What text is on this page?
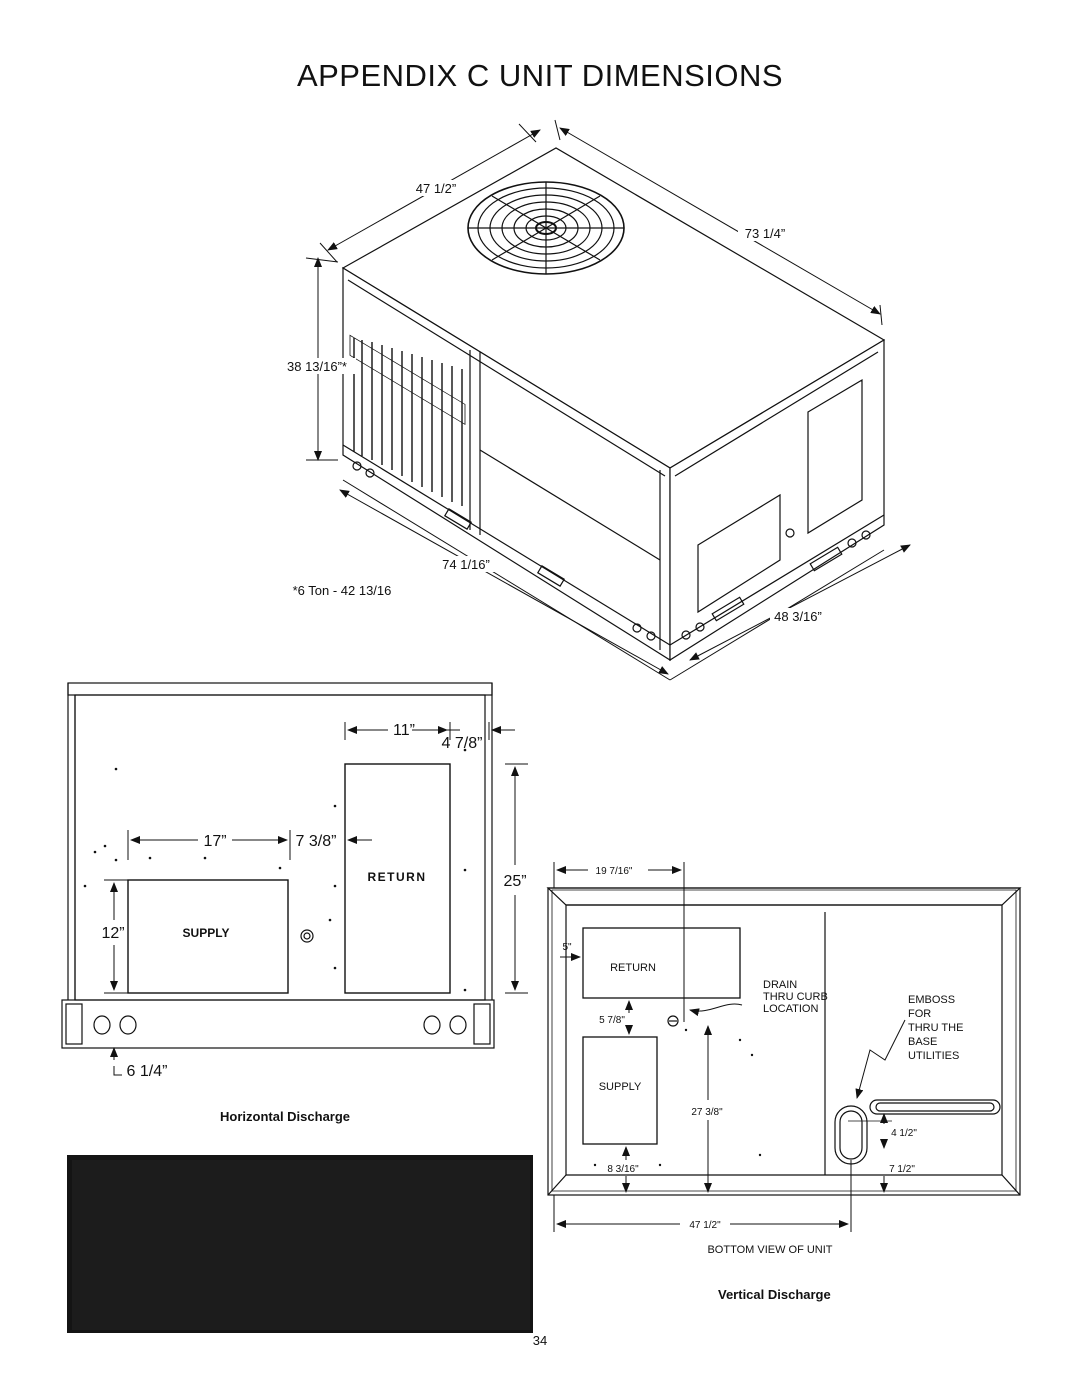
APPENDIX C UNIT DIMENSIONS
47 1/2”
73 1/4”
38 13/16”*
74 1/16”
48 3/16”
*6 Ton - 42 13/16
11”
4 7/8”
17”	7 3/8”
25”
12”
6 1/4”
RETURN
SUPPLY
19 7/16"
5"
5 7/8"
27 3/8"
8 3/16"
4 1/2"
7 1/2"
47 1/2"
RETURN
SUPPLY
DRAIN
THRU CURB
LOCATION
EMBOSS
FOR
THRU THE
BASE
UTILITIES
BOTTOM VIEW OF UNIT
Horizontal Discharge
Vertical Discharge
34
